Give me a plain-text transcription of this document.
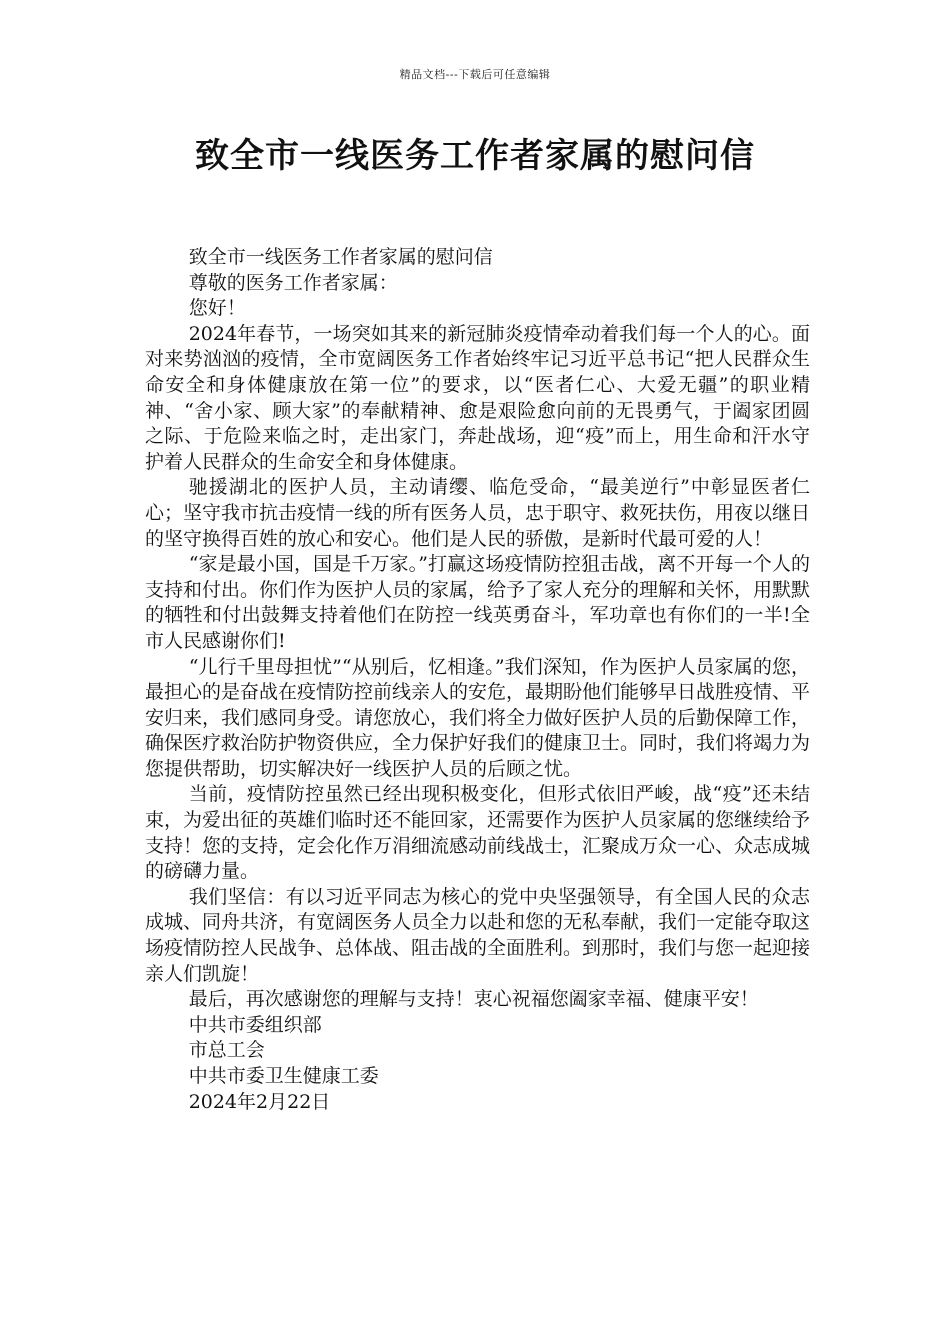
精品文档---下载后可任意编辑
致全市一线医务工作者家属的慰问信
致全市一线医务工作者家属的慰问信
尊敬的医务工作者家属：
您好！

2024年春节，一场突如其来的新冠肺炎疫情牵动着我们每一个人的心。面对来势汹汹的疫情，全市宽阔医务工作者始终牢记习近平总书记“把人民群众生命安全和身体健康放在第一位”的要求，以“医者仁心、大爱无疆”的职业精神、“舍小家、顾大家”的奉献精神、愈是艰险愈向前的无畏勇气，于阖家团圆之际、于危险来临之时，走出家门，奔赴战场，迎“疫”而上，用生命和汗水守护着人民群众的生命安全和身体健康。

驰援湖北的医护人员，主动请缨、临危受命，“最美逆行”中彰显医者仁心；坚守我市抗击疫情一线的所有医务人员，忠于职守、救死扶伤，用夜以继日的坚守换得百姓的放心和安心。他们是人民的骄傲，是新时代最可爱的人！

“家是最小国，国是千万家。”打赢这场疫情防控狙击战，离不开每一个人的支持和付出。你们作为医护人员的家属，给予了家人充分的理解和关怀，用默默的牺牲和付出鼓舞支持着他们在防控一线英勇奋斗，军功章也有你们的一半!全市人民感谢你们!

“儿行千里母担忧”“从别后，忆相逢。”我们深知，作为医护人员家属的您，最担心的是奋战在疫情防控前线亲人的安危，最期盼他们能够早日战胜疫情、平安归来，我们感同身受。请您放心，我们将全力做好医护人员的后勤保障工作，确保医疗救治防护物资供应，全力保护好我们的健康卫士。同时，我们将竭力为您提供帮助，切实解决好一线医护人员的后顾之忧。

当前，疫情防控虽然已经出现积极变化，但形式依旧严峻，战“疫”还未结束，为爱出征的英雄们临时还不能回家，还需要作为医护人员家属的您继续给予支持！您的支持，定会化作万涓细流感动前线战士，汇聚成万众一心、众志成城的磅礴力量。

我们坚信：有以习近平同志为核心的党中央坚强领导，有全国人民的众志成城、同舟共济，有宽阔医务人员全力以赴和您的无私奉献，我们一定能夺取这场疫情防控人民战争、总体战、阻击战的全面胜利。到那时，我们与您一起迎接亲人们凯旋！

最后，再次感谢您的理解与支持！衷心祝福您阖家幸福、健康平安！

中共市委组织部
市总工会
中共市委卫生健康工委
2024年2月22日
